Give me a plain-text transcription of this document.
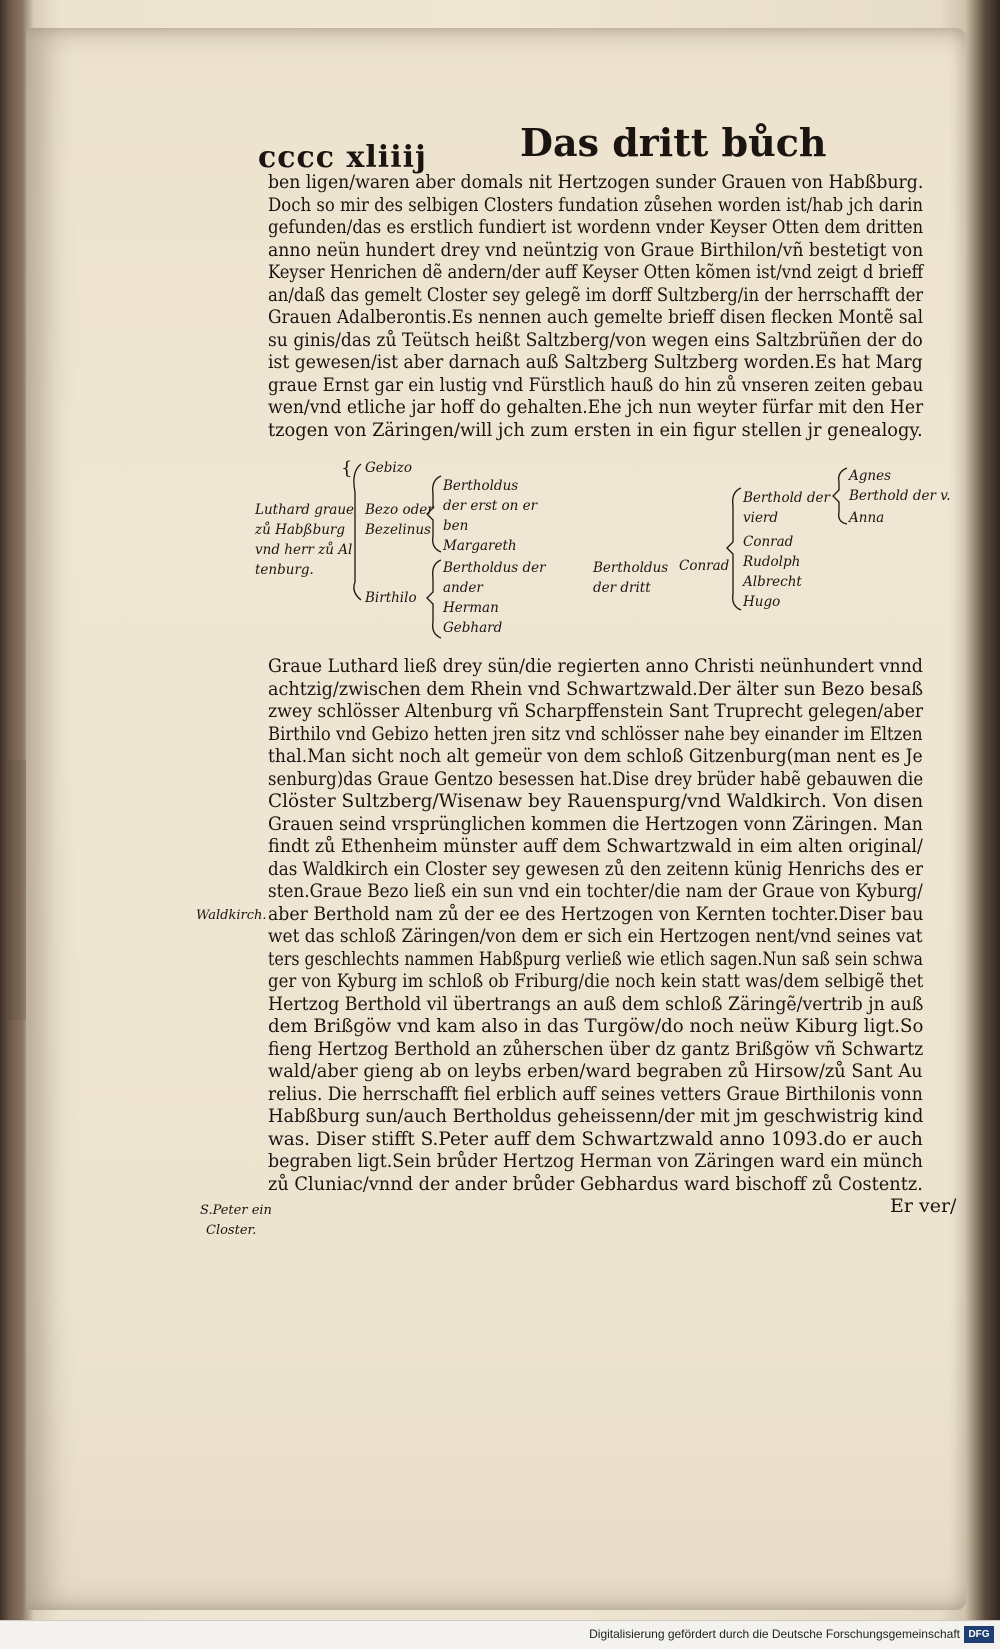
cccc xliiij Das dritt bůch
ben ligen/waren aber domals nit Hertzogen sunder Grauen von Habßburg.
Doch so mir des selbigen Closters fundation zůsehen worden ist/hab jch darin
gefunden/das es erstlich fundiert ist wordenn vnder Keyser Otten dem dritten
anno neün hundert drey vnd neüntzig von Graue Birthilon/vñ bestetigt von
Keyser Henrichen dẽ andern/der auff Keyser Otten kõmen ist/vnd zeigt d brieff
an/daß das gemelt Closter sey gelegẽ im dorff Sultzberg/in der herrschafft der
Grauen Adalberontis.Es nennen auch gemelte brieff disen flecken Montẽ sal
su ginis/das zů Teütsch heißt Saltzberg/von wegen eins Saltzbrüñen der do
ist gewesen/ist aber darnach auß Saltzberg Sultzberg worden.Es hat Marg
graue Ernst gar ein lustig vnd Fürstlich hauß do hin zů vnseren zeiten gebau
wen/vnd etliche jar hoff do gehalten.Ehe jch nun weyter fürfar mit den Her
tzogen von Zäringen/will jch zum ersten in ein figur stellen jr genealogy.
Luthard graue
zů Habßburg
vnd herr zů Al
tenburg.
{ Gebizo
Bezo oder
Bezelinus
Birthilo
Bertholdus
der erst on er
ben
Margareth
Bertholdus der
ander
Herman
Gebhard
Bertholdus
der dritt
Conrad
Berthold der
vierd
Conrad
Rudolph
Albrecht
Hugo
Agnes
Berthold der v.
Anna
Graue Luthard ließ drey sün/die regierten anno Christi neünhundert vnnd
achtzig/zwischen dem Rhein vnd Schwartzwald.Der älter sun Bezo besaß
zwey schlösser Altenburg vñ Scharpffenstein Sant Truprecht gelegen/aber
Birthilo vnd Gebizo hetten jren sitz vnd schlösser nahe bey einander im Eltzen
thal.Man sicht noch alt gemeür von dem schloß Gitzenburg(man nent es Je
senburg)das Graue Gentzo besessen hat.Dise drey brüder habẽ gebauwen die
Clöster Sultzberg/Wisenaw bey Rauenspurg/vnd Waldkirch. Von disen
Grauen seind vrsprünglichen kommen die Hertzogen vonn Zäringen. Man
findt zů Ethenheim münster auff dem Schwartzwald in eim alten original/
das Waldkirch ein Closter sey gewesen zů den zeitenn künig Henrichs des er
sten.Graue Bezo ließ ein sun vnd ein tochter/die nam der Graue von Kyburg/
aber Berthold nam zů der ee des Hertzogen von Kernten tochter.Diser bau
wet das schloß Zäringen/von dem er sich ein Hertzogen nent/vnd seines vat
ters geschlechts nammen Habßpurg verließ wie etlich sagen.Nun saß sein schwa
ger von Kyburg im schloß ob Friburg/die noch kein statt was/dem selbigẽ thet
Hertzog Berthold vil übertrangs an auß dem schloß Zäringẽ/vertrib jn auß
dem Brißgöw vnd kam also in das Turgöw/do noch neüw Kiburg ligt.So
fieng Hertzog Berthold an zůherschen über dz gantz Brißgöw vñ Schwartz
wald/aber gieng ab on leybs erben/ward begraben zů Hirsow/zů Sant Au
relius. Die herrschafft fiel erblich auff seines vetters Graue Birthilonis vonn
Habßburg sun/auch Bertholdus geheissenn/der mit jm geschwistrig kind
was. Diser stifft S.Peter auff dem Schwartzwald anno 1093.do er auch
begraben ligt.Sein brůder Hertzog Herman von Zäringen ward ein münch
zů Cluniac/vnnd der ander brůder Gebhardus ward bischoff zů Costentz.
Er ver/
Waldkirch.
S.Peter ein
Closter.
Digitalisierung gefördert durch die Deutsche Forschungsgemeinschaft DFG
